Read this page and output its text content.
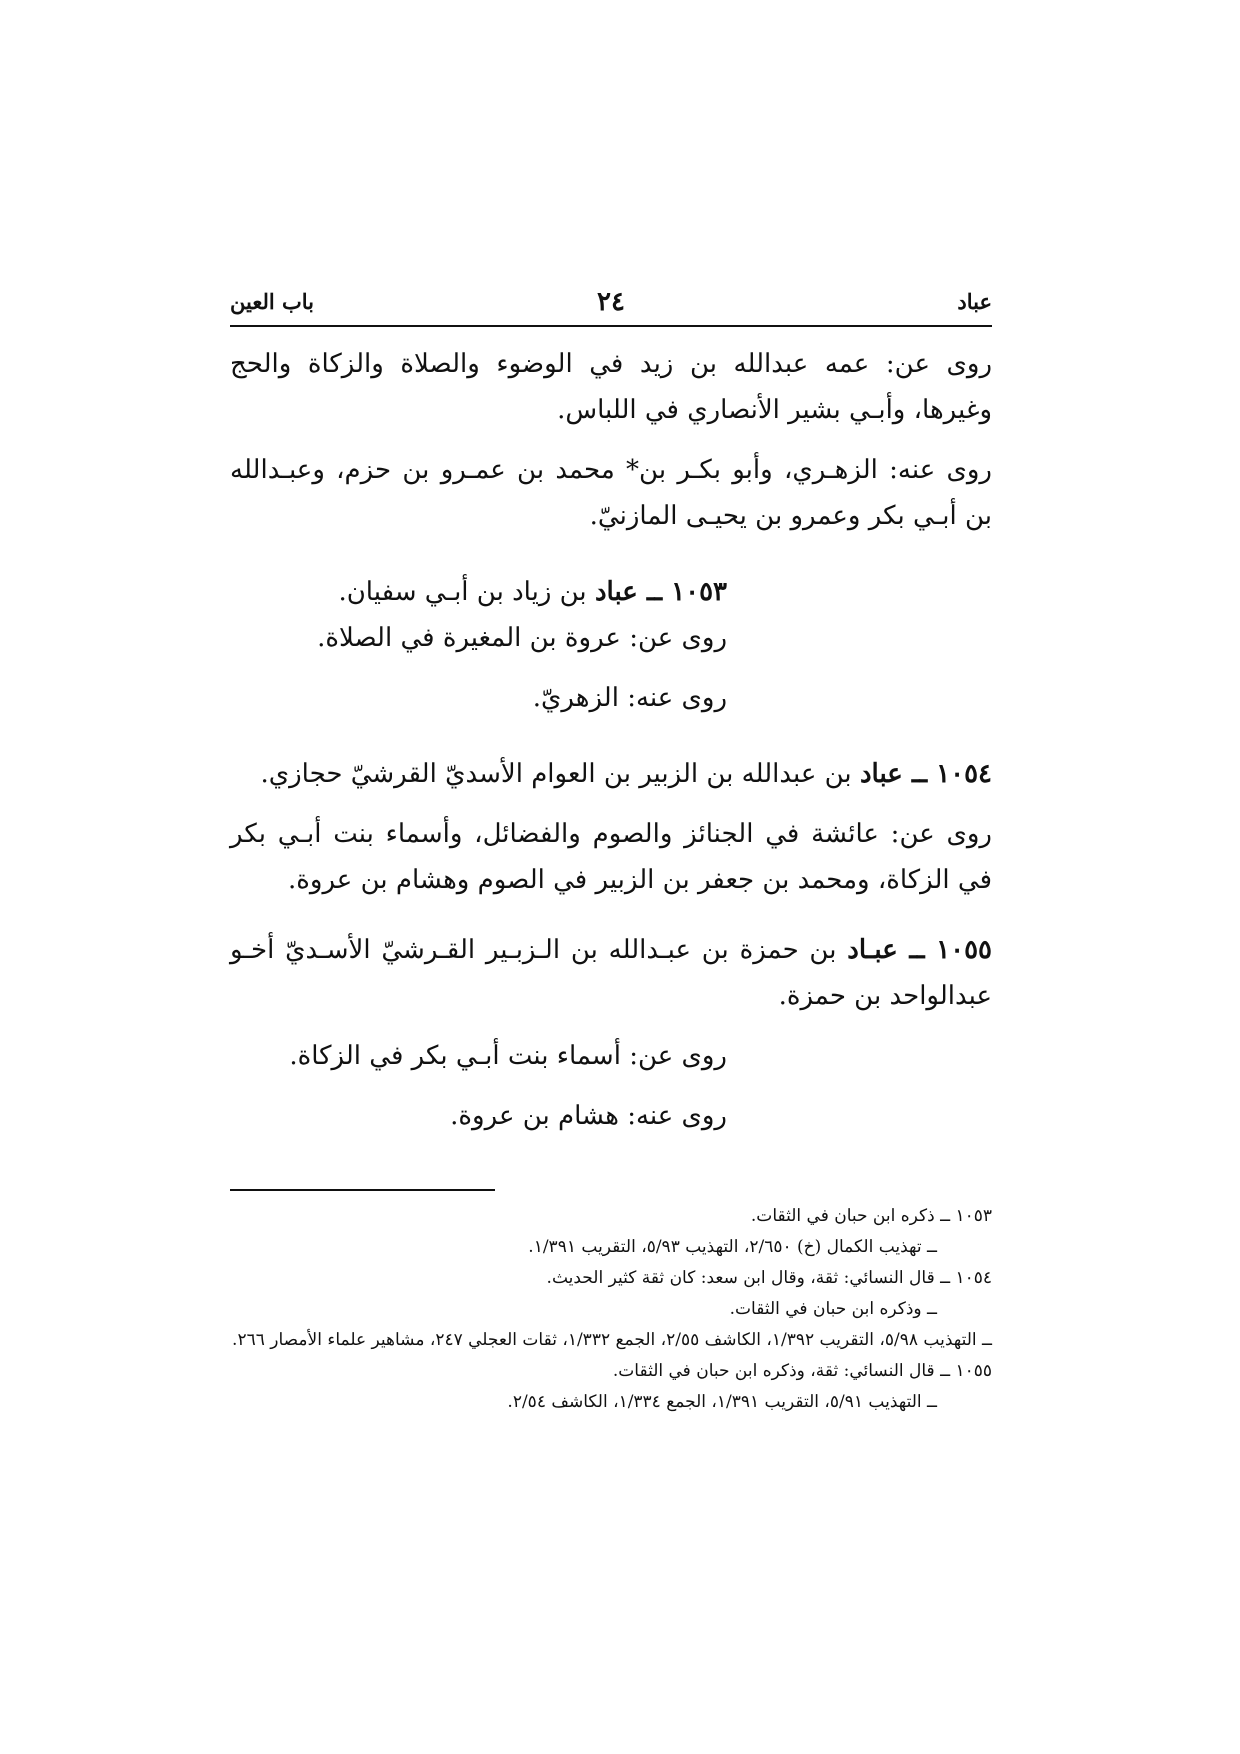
عباد
٢٤
باب العين

روى عن: عمه عبدالله بن زيد في الوضوء والصلاة والزكاة والحج وغيرها، وأبـي بشير الأنصاري في اللباس.

روى عنه: الزهـري، وأبو بكـر بن* محمد بن عمـرو بن حزم، وعبـدالله بن أبـي بكر وعمرو بن يحيـى المازنيّ.

١٠٥٣ ــ عباد بن زياد بن أبـي سفيان.

روى عن: عروة بن المغيرة في الصلاة.

روى عنه: الزهريّ.

١٠٥٤ ــ عباد بن عبدالله بن الزبير بن العوام الأسديّ القرشيّ حجازي.

روى عن: عائشة في الجنائز والصوم والفضائل، وأسماء بنت أبـي بكر في الزكاة، ومحمد بن جعفر بن الزبير في الصوم وهشام بن عروة.

١٠٥٥ ــ عبـاد بن حمزة بن عبـدالله بن الـزبـير القـرشيّ الأسـديّ أخـو عبدالواحد بن حمزة.

روى عن: أسماء بنت أبـي بكر في الزكاة.

روى عنه: هشام بن عروة.

١٠٥٣ ــ ذكره ابن حبان في الثقات.

ــ تهذيب الكمال (خ) ٢/٦٥٠، التهذيب ٥/٩٣، التقريب ١/٣٩١.

١٠٥٤ ــ قال النسائي: ثقة، وقال ابن سعد: كان ثقة كثير الحديث.

ــ وذكره ابن حبان في الثقات.

ــ التهذيب ٥/٩٨، التقريب ١/٣٩٢، الكاشف ٢/٥٥، الجمع ١/٣٣٢، ثقات العجلي ٢٤٧، مشاهير علماء الأمصار ٢٦٦.

١٠٥٥ ــ قال النسائي: ثقة، وذكره ابن حبان في الثقات.

ــ التهذيب ٥/٩١، التقريب ١/٣٩١، الجمع ١/٣٣٤، الكاشف ٢/٥٤.
